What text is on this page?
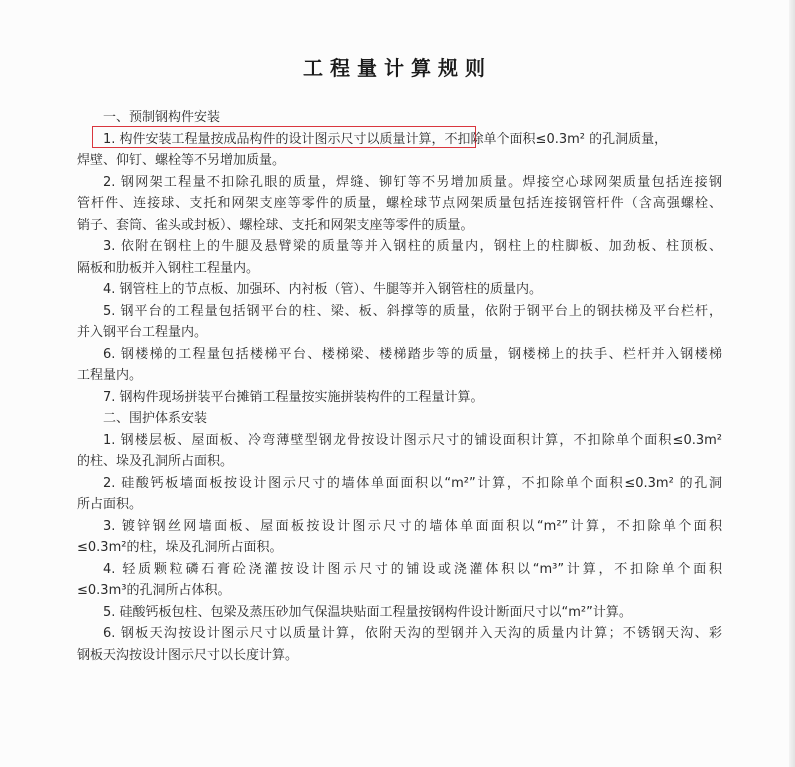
工程量计算规则
一、预制钢构件安装
1. 构件安装工程量按成品构件的设计图示尺寸以质量计算，不扣除单个面积≤0.3m² 的孔洞质量，
焊壁、仰钉、螺栓等不另增加质量。
2. 钢网架工程量不扣除孔眼的质量，焊缝、铆钉等不另增加质量。焊接空心球网架质量包括连接钢
管杆件、连接球、支托和网架支座等零件的质量，螺栓球节点网架质量包括连接钢管杆件（含高强螺栓、
销子、套筒、雀头或封板）、螺栓球、支托和网架支座等零件的质量。
3. 依附在钢柱上的牛腿及悬臂梁的质量等并入钢柱的质量内，钢柱上的柱脚板、加劲板、柱顶板、
隔板和肋板并入钢柱工程量内。
4. 钢管柱上的节点板、加强环、内衬板（管）、牛腿等并入钢管柱的质量内。
5. 钢平台的工程量包括钢平台的柱、梁、板、斜撑等的质量，依附于钢平台上的钢扶梯及平台栏杆，
并入钢平台工程量内。
6. 钢楼梯的工程量包括楼梯平台、楼梯梁、楼梯踏步等的质量，钢楼梯上的扶手、栏杆并入钢楼梯
工程量内。
7. 钢构件现场拼装平台摊销工程量按实施拼装构件的工程量计算。
二、围护体系安装
1. 钢楼层板、屋面板、冷弯薄壁型钢龙骨按设计图示尺寸的铺设面积计算，不扣除单个面积≤0.3m²
的柱、垛及孔洞所占面积。
2. 硅酸钙板墙面板按设计图示尺寸的墙体单面面积以“m²”计算，不扣除单个面积≤0.3m² 的孔洞
所占面积。
3. 镀锌钢丝网墙面板、屋面板按设计图示尺寸的墙体单面面积以“m²”计算，不扣除单个面积
≤0.3m²的柱，垛及孔洞所占面积。
4. 轻质颗粒磷石膏砼浇灌按设计图示尺寸的铺设或浇灌体积以“m³”计算，不扣除单个面积
≤0.3m³的孔洞所占体积。
5. 硅酸钙板包柱、包梁及蒸压砂加气保温块贴面工程量按钢构件设计断面尺寸以“m²”计算。
6. 钢板天沟按设计图示尺寸以质量计算，依附天沟的型钢并入天沟的质量内计算；不锈钢天沟、彩
钢板天沟按设计图示尺寸以长度计算。
